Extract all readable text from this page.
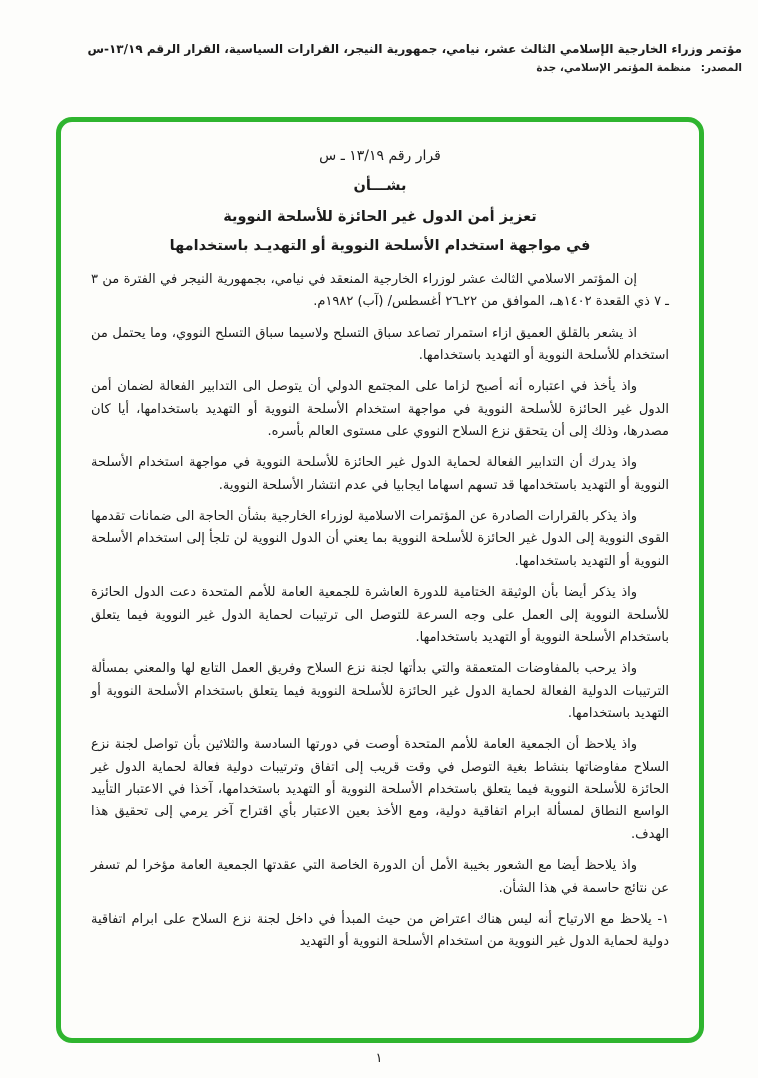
مؤتمر وزراء الخارجية الإسلامي الثالث عشر، نيامي، جمهورية النيجر، القرارات السياسية، القرار الرقم ١٣/١٩-س
المصدر: منظمة المؤتمر الإسلامي، جدة
قرار رقم ١٣/١٩ ـ س
بشـــأن
تعزيز أمن الدول غير الحائزة للأسلحة النووية
في مواجهة استخدام الأسلحة النووية أو التهديـد باستخدامها
إن المؤتمر الاسلامي الثالث عشر لوزراء الخارجية المنعقد في نيامي، بجمهورية النيجر في الفترة من ٣ ـ ٧ ذي القعدة ١٤٠٢هـ، الموافق من ٢٢ـ٢٦ أغسطس/ (آب) ١٩٨٢م.
اذ يشعر بالقلق العميق ازاء استمرار تصاعد سباق التسلح ولاسيما سباق التسلح النووي، وما يحتمل من استخدام للأسلحة النووية أو التهديد باستخدامها.
واذ يأخذ في اعتباره أنه أصبح لزاما على المجتمع الدولي أن يتوصل الى التدابير الفعالة لضمان أمن الدول غير الحائزة للأسلحة النووية في مواجهة استخدام الأسلحة النووية أو التهديد باستخدامها، أيا كان مصدرها، وذلك إلى أن يتحقق نزع السلاح النووي على مستوى العالم بأسره.
واذ يدرك أن التدابير الفعالة لحماية الدول غير الحائزة للأسلحة النووية في مواجهة استخدام الأسلحة النووية أو التهديد باستخدامها قد تسهم اسهاما ايجابيا في عدم انتشار الأسلحة النووية.
واذ يذكر بالقرارات الصادرة عن المؤتمرات الاسلامية لوزراء الخارجية بشأن الحاجة الى ضمانات تقدمها القوى النووية إلى الدول غير الحائزة للأسلحة النووية بما يعني أن الدول النووية لن تلجأ إلى استخدام الأسلحة النووية أو التهديد باستخدامها.
واذ يذكر أيضا بأن الوثيقة الختامية للدورة العاشرة للجمعية العامة للأمم المتحدة دعت الدول الحائزة للأسلحة النووية إلى العمل على وجه السرعة للتوصل الى ترتيبات لحماية الدول غير النووية فيما يتعلق باستخدام الأسلحة النووية أو التهديد باستخدامها.
واذ يرحب بالمفاوضات المتعمقة والتي بدأتها لجنة نزع السلاح وفريق العمل التابع لها والمعني بمسألة الترتيبات الدولية الفعالة لحماية الدول غير الحائزة للأسلحة النووية فيما يتعلق باستخدام الأسلحة النووية أو التهديد باستخدامها.
واذ يلاحظ أن الجمعية العامة للأمم المتحدة أوصت في دورتها السادسة والثلاثين بأن تواصل لجنة نزع السلاح مفاوضاتها بنشاط بغية التوصل في وقت قريب إلى اتفاق وترتيبات دولية فعالة لحماية الدول غير الحائزة للأسلحة النووية فيما يتعلق باستخدام الأسلحة النووية أو التهديد باستخدامها، آخذا في الاعتبار التأييد الواسع النطاق لمسألة ابرام اتفاقية دولية، ومع الأخذ بعين الاعتبار بأي اقتراح آخر يرمي إلى تحقيق هذا الهدف.
واذ يلاحظ أيضا مع الشعور بخيبة الأمل أن الدورة الخاصة التي عقدتها الجمعية العامة مؤخرا لم تسفر عن نتائج حاسمة في هذا الشأن.
١- يلاحظ مع الارتياح أنه ليس هناك اعتراض من حيث المبدأ في داخل لجنة نزع السلاح على ابرام اتفاقية دولية لحماية الدول غير النووية من استخدام الأسلحة النووية أو التهديد
١
